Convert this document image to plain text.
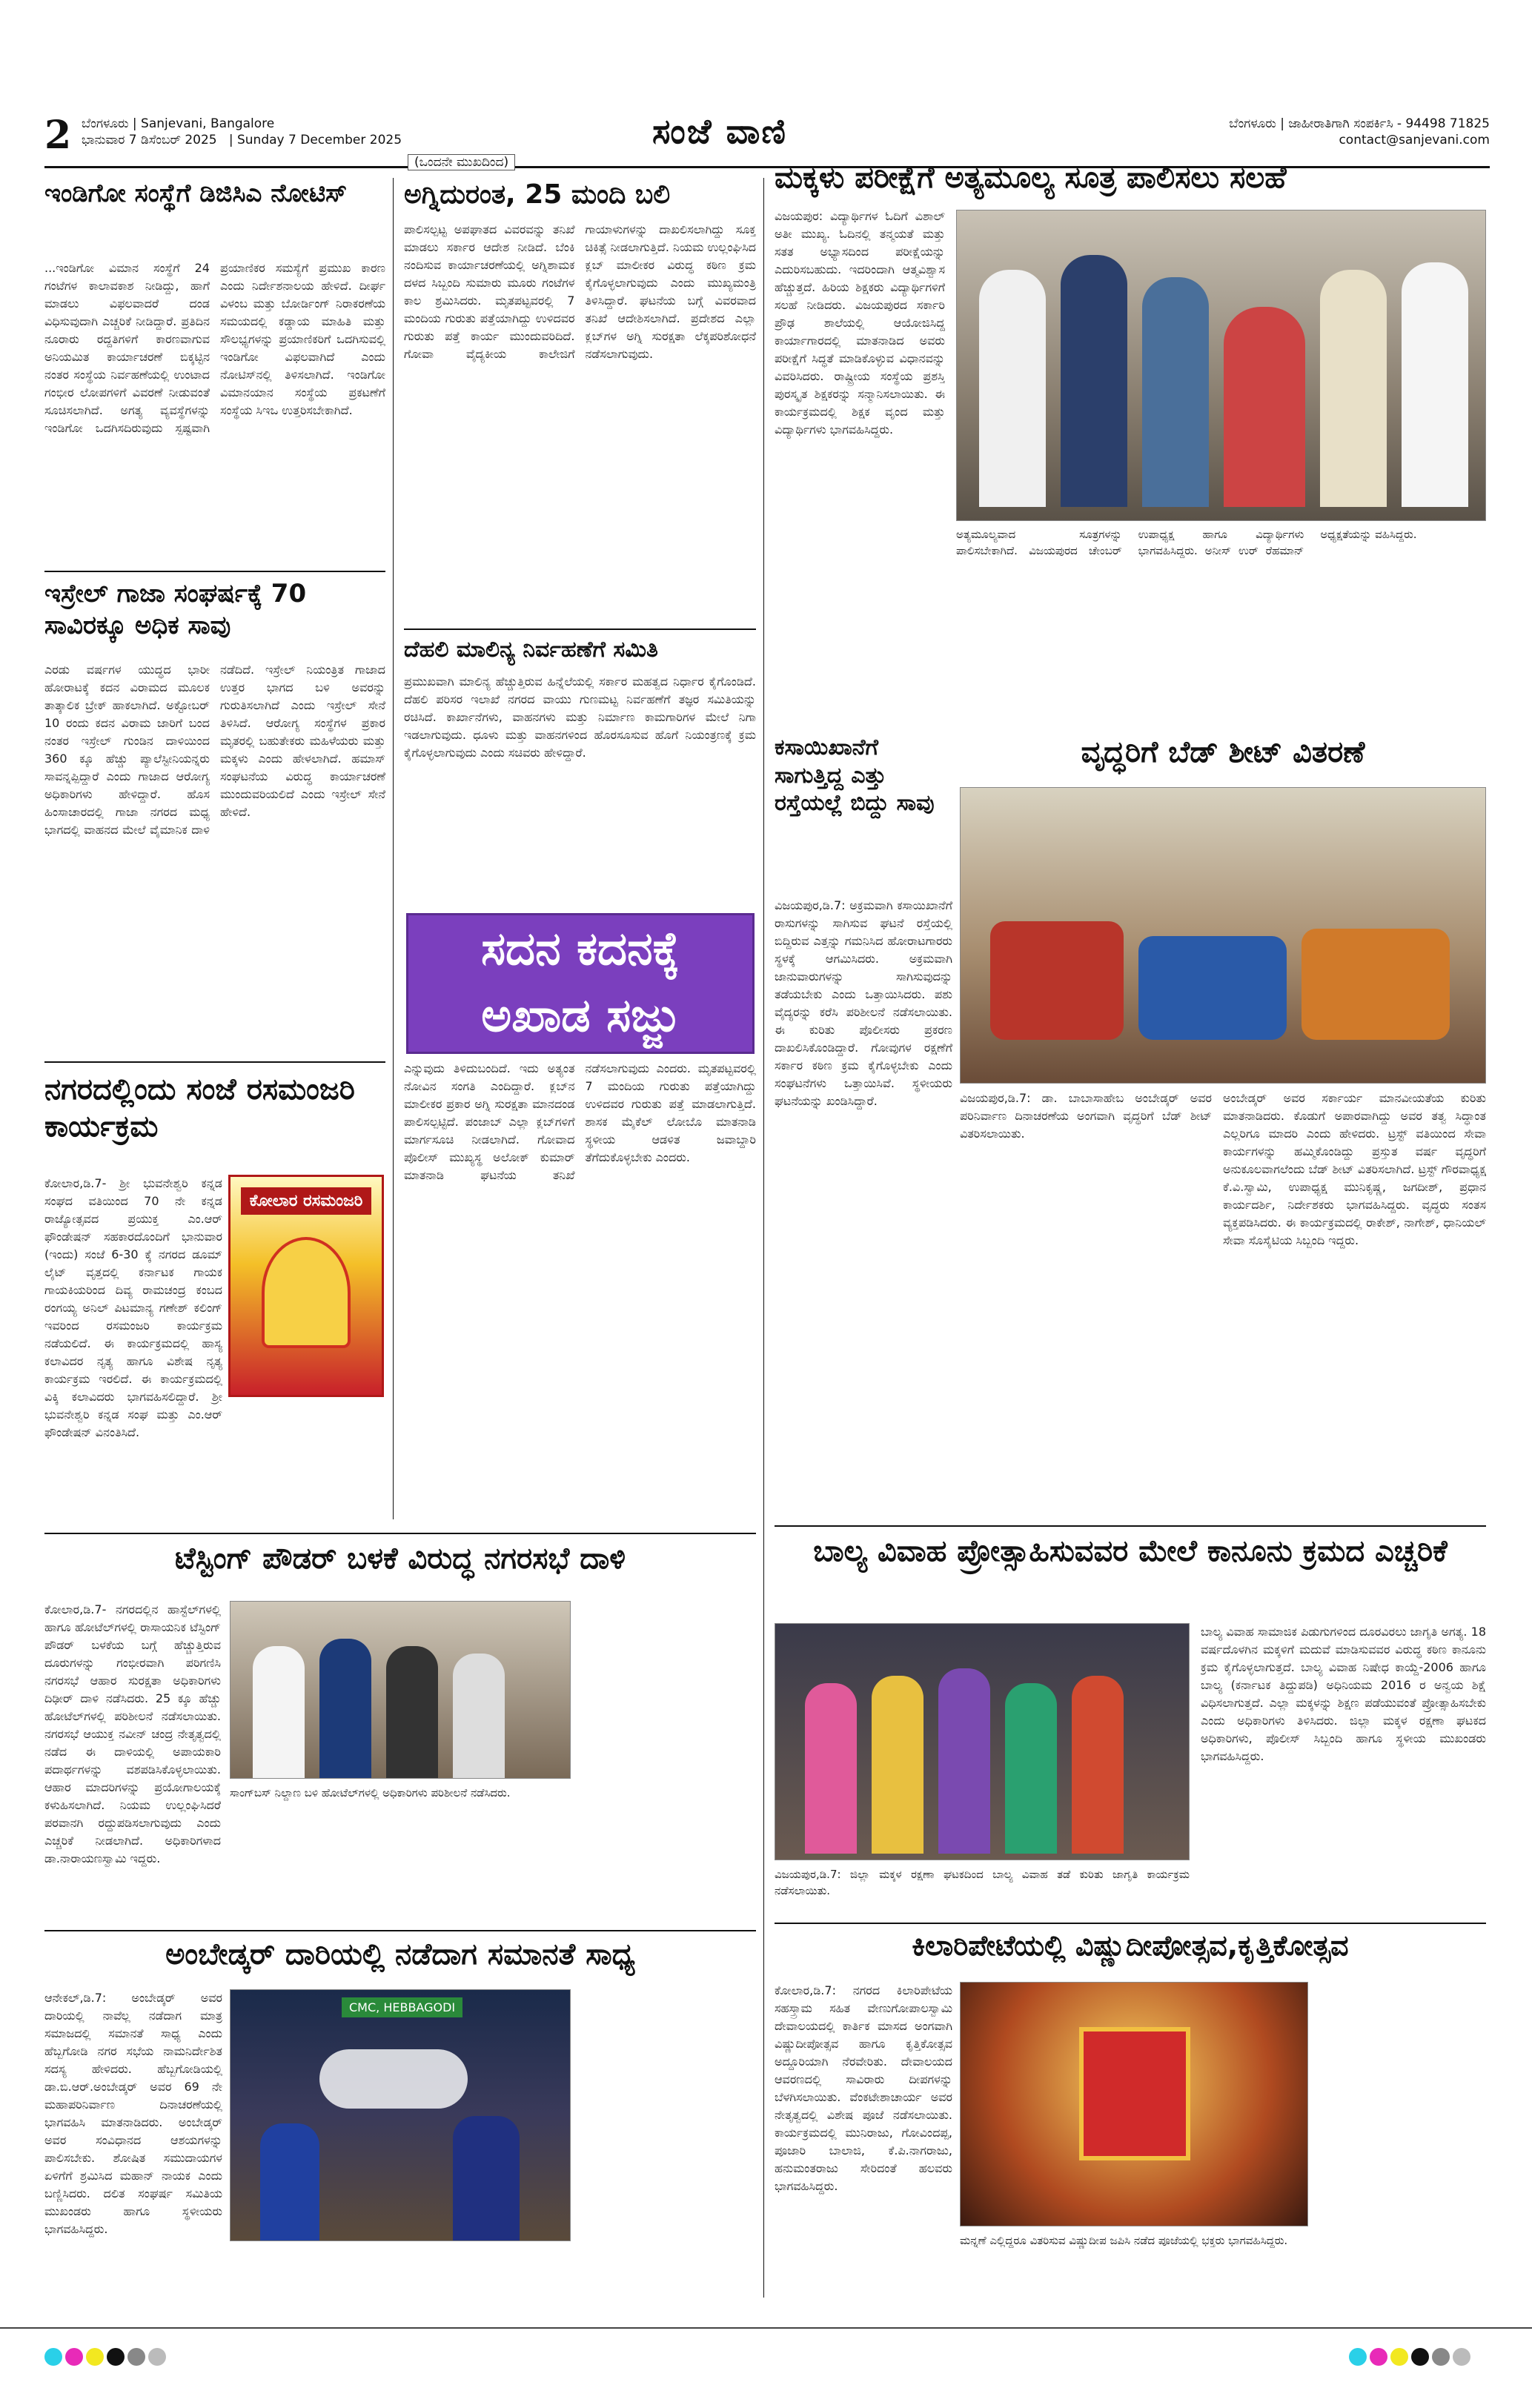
2 ಬೆಂಗಳೂರು | Sanjevani, Bangalore
ಭಾನುವಾರ 7 ಡಿಸೆಂಬರ್ 2025 | Sunday 7 December 2025	ಸಂಜೆ ವಾಣಿ	ಬೆಂಗಳೂರು | ಜಾಹೀರಾತಿಗಾಗಿ ಸಂಪರ್ಕಿಸಿ - 94498 71825
contact@sanjevani.com
(ಒಂದನೇ ಮುಖದಿಂದ)
ಇಂಡಿಗೋ ಸಂಸ್ಥೆಗೆ ಡಿಜಿಸಿಎ ನೋಟಿಸ್
...ಇಂಡಿಗೋ ವಿಮಾನ ಸಂಸ್ಥೆಗೆ 24 ಗಂಟೆಗಳ ಕಾಲಾವಕಾಶ ನೀಡಿದ್ದು, ಹಾಗೆ ಮಾಡಲು ವಿಫಲವಾದರೆ ದಂಡ ವಿಧಿಸುವುದಾಗಿ ಎಚ್ಚರಿಕೆ ನೀಡಿದ್ದಾರೆ. ಪ್ರತಿದಿನ ನೂರಾರು ರದ್ದತಿಗಳಿಗೆ ಕಾರಣವಾಗುವ ಅನಿಯಮಿತ ಕಾರ್ಯಾಚರಣೆ ಬಿಕ್ಕಟ್ಟಿನ ನಂತರ ಸಂಸ್ಥೆಯ ನಿರ್ವಹಣೆಯಲ್ಲಿ ಉಂಟಾದ ಗಂಭೀರ ಲೋಪಗಳಿಗೆ ವಿವರಣೆ ನೀಡುವಂತೆ ಸೂಚಿಸಲಾಗಿದೆ. ಅಗತ್ಯ ವ್ಯವಸ್ಥೆಗಳನ್ನು ಇಂಡಿಗೋ ಒದಗಿಸದಿರುವುದು ಸ್ಪಷ್ಟವಾಗಿ ಪ್ರಯಾಣಿಕರ ಸಮಸ್ಯೆಗೆ ಪ್ರಮುಖ ಕಾರಣ ಎಂದು ನಿರ್ದೇಶನಾಲಯ ಹೇಳಿದೆ. ದೀರ್ಘ ವಿಳಂಬ ಮತ್ತು ಬೋರ್ಡಿಂಗ್ ನಿರಾಕರಣೆಯ ಸಮಯದಲ್ಲಿ ಕಡ್ಡಾಯ ಮಾಹಿತಿ ಮತ್ತು ಸೌಲಭ್ಯಗಳನ್ನು ಪ್ರಯಾಣಿಕರಿಗೆ ಒದಗಿಸುವಲ್ಲಿ ಇಂಡಿಗೋ ವಿಫಲವಾಗಿದೆ ಎಂದು ನೋಟಿಸ್‌ನಲ್ಲಿ ತಿಳಿಸಲಾಗಿದೆ. ಇಂಡಿಗೋ ವಿಮಾನಯಾನ ಸಂಸ್ಥೆಯ ಪ್ರಕಟಣೆಗೆ ಸಂಸ್ಥೆಯ ಸಿಇಒ ಉತ್ತರಿಸಬೇಕಾಗಿದೆ.
ಇಸ್ರೇಲ್ ಗಾಜಾ ಸಂಘರ್ಷಕ್ಕೆ 70 ಸಾವಿರಕ್ಕೂ ಅಧಿಕ ಸಾವು
ಎರಡು ವರ್ಷಗಳ ಯುದ್ಧದ ಭಾರೀ ಹೋರಾಟಕ್ಕೆ ಕದನ ವಿರಾಮದ ಮೂಲಕ ತಾತ್ಕಾಲಿಕ ಬ್ರೇಕ್ ಹಾಕಲಾಗಿದೆ. ಅಕ್ಟೋಬರ್ 10 ರಂದು ಕದನ ವಿರಾಮ ಜಾರಿಗೆ ಬಂದ ನಂತರ ಇಸ್ರೇಲ್ ಗುಂಡಿನ ದಾಳಿಯಿಂದ 360 ಕ್ಕೂ ಹೆಚ್ಚು ಪ್ಯಾಲೆಸ್ಟೀನಿಯನ್ನರು ಸಾವನ್ನಪ್ಪಿದ್ದಾರೆ ಎಂದು ಗಾಜಾದ ಆರೋಗ್ಯ ಅಧಿಕಾರಿಗಳು ಹೇಳಿದ್ದಾರೆ. ಹೊಸ ಹಿಂಸಾಚಾರದಲ್ಲಿ ಗಾಜಾ ನಗರದ ಮಧ್ಯ ಭಾಗದಲ್ಲಿ ವಾಹನದ ಮೇಲೆ ವೈಮಾನಿಕ ದಾಳಿ ನಡೆದಿದೆ. ಇಸ್ರೇಲ್ ನಿಯಂತ್ರಿತ ಗಾಜಾದ ಉತ್ತರ ಭಾಗದ ಬಳಿ ಅವರನ್ನು ಗುರುತಿಸಲಾಗಿದೆ ಎಂದು ಇಸ್ರೇಲ್ ಸೇನೆ ತಿಳಿಸಿದೆ. ಆರೋಗ್ಯ ಸಂಸ್ಥೆಗಳ ಪ್ರಕಾರ ಮೃತರಲ್ಲಿ ಬಹುತೇಕರು ಮಹಿಳೆಯರು ಮತ್ತು ಮಕ್ಕಳು ಎಂದು ಹೇಳಲಾಗಿದೆ. ಹಮಾಸ್ ಸಂಘಟನೆಯ ವಿರುದ್ಧ ಕಾರ್ಯಾಚರಣೆ ಮುಂದುವರಿಯಲಿದೆ ಎಂದು ಇಸ್ರೇಲ್ ಸೇನೆ ಹೇಳಿದೆ.
ನಗರದಲ್ಲಿಂದು ಸಂಜೆ ರಸಮಂಜರಿ ಕಾರ್ಯಕ್ರಮ
ಕೋಲಾರ,ಡಿ.7- ಶ್ರೀ ಭುವನೇಶ್ವರಿ ಕನ್ನಡ ಸಂಘದ ವತಿಯಿಂದ 70 ನೇ ಕನ್ನಡ ರಾಜ್ಯೋತ್ಸವದ ಪ್ರಯುಕ್ತ ಎಂ.ಆರ್ ಫೌಂಡೇಷನ್ ಸಹಕಾರದೊಂದಿಗೆ ಭಾನುವಾರ (ಇಂದು) ಸಂಜೆ 6-30 ಕ್ಕೆ ನಗರದ ಡೂಮ್ ಲೈಟ್ ವೃತ್ತದಲ್ಲಿ ಕರ್ನಾಟಕ ಗಾಯಕ ಗಾಯಕಿಯರಿಂದ ದಿವ್ಯ ರಾಮಚಂದ್ರ ಕಂಬದ ರಂಗಯ್ಯ ಅನಿಲ್ ಪಿಟಮಾನ್ಯ ಗಣೇಶ್ ಕಲಿಂಗ್ ಇವರಿಂದ ರಸಮಂಜರಿ ಕಾರ್ಯಕ್ರಮ ನಡೆಯಲಿದೆ. ಈ ಕಾರ್ಯಕ್ರಮದಲ್ಲಿ ಹಾಸ್ಯ ಕಲಾವಿದರ ನೃತ್ಯ ಹಾಗೂ ವಿಶೇಷ ನೃತ್ಯ ಕಾರ್ಯಕ್ರಮ ಇರಲಿದೆ. ಈ ಕಾರ್ಯಕ್ರಮದಲ್ಲಿ ವಿಕ್ಕಿ ಕಲಾವಿದರು ಭಾಗವಹಿಸಲಿದ್ದಾರೆ. ಶ್ರೀ ಭುವನೇಶ್ವರಿ ಕನ್ನಡ ಸಂಘ ಮತ್ತು ಎಂ.ಆರ್ ಫೌಂಡೇಷನ್ ವಿನಂತಿಸಿದೆ.
ಕೋಲಾರ ರಸಮಂಜರಿ
ಅಗ್ನಿದುರಂತ, 25 ಮಂದಿ ಬಲಿ
ಪಾಲಿಸಲ್ಪಟ್ಟ ಅಪಘಾತದ ವಿವರವನ್ನು ತನಿಖೆ ಮಾಡಲು ಸರ್ಕಾರ ಆದೇಶ ನೀಡಿದೆ. ಬೆಂಕಿ ನಂದಿಸುವ ಕಾರ್ಯಾಚರಣೆಯಲ್ಲಿ ಅಗ್ನಿಶಾಮಕ ದಳದ ಸಿಬ್ಬಂದಿ ಸುಮಾರು ಮೂರು ಗಂಟೆಗಳ ಕಾಲ ಶ್ರಮಿಸಿದರು. ಮೃತಪಟ್ಟವರಲ್ಲಿ 7 ಮಂದಿಯ ಗುರುತು ಪತ್ತೆಯಾಗಿದ್ದು ಉಳಿದವರ ಗುರುತು ಪತ್ತೆ ಕಾರ್ಯ ಮುಂದುವರಿದಿದೆ. ಗೋವಾ ವೈದ್ಯಕೀಯ ಕಾಲೇಜಿಗೆ ಗಾಯಾಳುಗಳನ್ನು ದಾಖಲಿಸಲಾಗಿದ್ದು ಸೂಕ್ತ ಚಿಕಿತ್ಸೆ ನೀಡಲಾಗುತ್ತಿದೆ. ನಿಯಮ ಉಲ್ಲಂಘಿಸಿದ ಕ್ಲಬ್ ಮಾಲೀಕರ ವಿರುದ್ಧ ಕಠಿಣ ಕ್ರಮ ಕೈಗೊಳ್ಳಲಾಗುವುದು ಎಂದು ಮುಖ್ಯಮಂತ್ರಿ ತಿಳಿಸಿದ್ದಾರೆ. ಘಟನೆಯ ಬಗ್ಗೆ ವಿವರವಾದ ತನಿಖೆ ಆದೇಶಿಸಲಾಗಿದೆ. ಪ್ರದೇಶದ ಎಲ್ಲಾ ಕ್ಲಬ್‌ಗಳ ಅಗ್ನಿ ಸುರಕ್ಷತಾ ಲೆಕ್ಕಪರಿಶೋಧನೆ ನಡೆಸಲಾಗುವುದು.
ದೆಹಲಿ ಮಾಲಿನ್ಯ ನಿರ್ವಹಣೆಗೆ ಸಮಿತಿ
ಪ್ರಮುಖವಾಗಿ ಮಾಲಿನ್ಯ ಹೆಚ್ಚುತ್ತಿರುವ ಹಿನ್ನೆಲೆಯಲ್ಲಿ ಸರ್ಕಾರ ಮಹತ್ವದ ನಿರ್ಧಾರ ಕೈಗೊಂಡಿದೆ. ದೆಹಲಿ ಪರಿಸರ ಇಲಾಖೆ ನಗರದ ವಾಯು ಗುಣಮಟ್ಟ ನಿರ್ವಹಣೆಗೆ ತಜ್ಞರ ಸಮಿತಿಯನ್ನು ರಚಿಸಿದೆ. ಕಾರ್ಖಾನೆಗಳು, ವಾಹನಗಳು ಮತ್ತು ನಿರ್ಮಾಣ ಕಾಮಗಾರಿಗಳ ಮೇಲೆ ನಿಗಾ ಇಡಲಾಗುವುದು. ಧೂಳು ಮತ್ತು ವಾಹನಗಳಿಂದ ಹೊರಸೂಸುವ ಹೊಗೆ ನಿಯಂತ್ರಣಕ್ಕೆ ಕ್ರಮ ಕೈಗೊಳ್ಳಲಾಗುವುದು ಎಂದು ಸಚಿವರು ಹೇಳಿದ್ದಾರೆ.
ಸದನ ಕದನಕ್ಕೆ
ಅಖಾಡ ಸಜ್ಜು
ಎನ್ನುವುದು ತಿಳಿದುಬಂದಿದೆ. ಇದು ಅತ್ಯಂತ ನೋವಿನ ಸಂಗತಿ ಎಂದಿದ್ದಾರೆ. ಕ್ಲಬ್‌ನ ಮಾಲೀಕರ ಪ್ರಕಾರ ಅಗ್ನಿ ಸುರಕ್ಷತಾ ಮಾನದಂಡ ಪಾಲಿಸಲ್ಪಟ್ಟಿದೆ. ಪಂಜಾಬ್ ಎಲ್ಲಾ ಕ್ಲಬ್‌ಗಳಿಗೆ ಮಾರ್ಗಸೂಚಿ ನೀಡಲಾಗಿದೆ. ಗೋವಾದ ಪೊಲೀಸ್ ಮುಖ್ಯಸ್ಥ ಅಲೋಕ್ ಕುಮಾರ್ ಮಾತನಾಡಿ ಘಟನೆಯ ತನಿಖೆ ನಡೆಸಲಾಗುವುದು ಎಂದರು. ಮೃತಪಟ್ಟವರಲ್ಲಿ 7 ಮಂದಿಯ ಗುರುತು ಪತ್ತೆಯಾಗಿದ್ದು ಉಳಿದವರ ಗುರುತು ಪತ್ತೆ ಮಾಡಲಾಗುತ್ತಿದೆ. ಶಾಸಕ ಮೈಕೆಲ್ ಲೋಬೊ ಮಾತನಾಡಿ ಸ್ಥಳೀಯ ಆಡಳಿತ ಜವಾಬ್ದಾರಿ ತೆಗೆದುಕೊಳ್ಳಬೇಕು ಎಂದರು.
ಮಕ್ಕಳು ಪರೀಕ್ಷೆಗೆ ಅತ್ಯಮೂಲ್ಯ ಸೂತ್ರ ಪಾಲಿಸಲು ಸಲಹೆ
ವಿಜಯಪುರ: ವಿದ್ಯಾರ್ಥಿಗಳ ಓದಿಗೆ ವಿಶಾಲ್ ಅತೀ ಮುಖ್ಯ. ಓದಿನಲ್ಲಿ ತನ್ಮಯತೆ ಮತ್ತು ಸತತ ಅಭ್ಯಾಸದಿಂದ ಪರೀಕ್ಷೆಯನ್ನು ಎದುರಿಸಬಹುದು. ಇದರಿಂದಾಗಿ ಆತ್ಮವಿಶ್ವಾಸ ಹೆಚ್ಚುತ್ತದೆ. ಹಿರಿಯ ಶಿಕ್ಷಕರು ವಿದ್ಯಾರ್ಥಿಗಳಿಗೆ ಸಲಹೆ ನೀಡಿದರು. ವಿಜಯಪುರದ ಸರ್ಕಾರಿ ಪ್ರೌಢ ಶಾಲೆಯಲ್ಲಿ ಆಯೋಜಿಸಿದ್ದ ಕಾರ್ಯಾಗಾರದಲ್ಲಿ ಮಾತನಾಡಿದ ಅವರು ಪರೀಕ್ಷೆಗೆ ಸಿದ್ಧತೆ ಮಾಡಿಕೊಳ್ಳುವ ವಿಧಾನವನ್ನು ವಿವರಿಸಿದರು. ರಾಷ್ಟ್ರೀಯ ಸಂಸ್ಥೆಯ ಪ್ರಶಸ್ತಿ ಪುರಸ್ಕೃತ ಶಿಕ್ಷಕರನ್ನು ಸನ್ಮಾನಿಸಲಾಯಿತು. ಈ ಕಾರ್ಯಕ್ರಮದಲ್ಲಿ ಶಿಕ್ಷಕ ವೃಂದ ಮತ್ತು ವಿದ್ಯಾರ್ಥಿಗಳು ಭಾಗವಹಿಸಿದ್ದರು.
ಅತ್ಯಮೂಲ್ಯವಾದ ಸೂತ್ರಗಳನ್ನು ಪಾಲಿಸಬೇಕಾಗಿದೆ. ವಿಜಯಪುರದ ಚೇಂಬರ್ ಉಪಾಧ್ಯಕ್ಷ ಹಾಗೂ ವಿದ್ಯಾರ್ಥಿಗಳು ಭಾಗವಹಿಸಿದ್ದರು. ಅನೀಸ್ ಉರ್ ರೆಹಮಾನ್ ಅಧ್ಯಕ್ಷತೆಯನ್ನು ವಹಿಸಿದ್ದರು.
ಕಸಾಯಿಖಾನೆಗೆ ಸಾಗುತ್ತಿದ್ದ ಎತ್ತು ರಸ್ತೆಯಲ್ಲೆ ಬಿದ್ದು ಸಾವು
ವಿಜಯಪುರ,ಡಿ.7: ಅಕ್ರಮವಾಗಿ ಕಸಾಯಿಖಾನೆಗೆ ರಾಸುಗಳನ್ನು ಸಾಗಿಸುವ ಘಟನೆ ರಸ್ತೆಯಲ್ಲಿ ಬಿದ್ದಿರುವ ಎತ್ತನ್ನು ಗಮನಿಸಿದ ಹೋರಾಟಗಾರರು ಸ್ಥಳಕ್ಕೆ ಆಗಮಿಸಿದರು. ಅಕ್ರಮವಾಗಿ ಜಾನುವಾರುಗಳನ್ನು ಸಾಗಿಸುವುದನ್ನು ತಡೆಯಬೇಕು ಎಂದು ಒತ್ತಾಯಿಸಿದರು. ಪಶು ವೈದ್ಯರನ್ನು ಕರೆಸಿ ಪರಿಶೀಲನೆ ನಡೆಸಲಾಯಿತು. ಈ ಕುರಿತು ಪೊಲೀಸರು ಪ್ರಕರಣ ದಾಖಲಿಸಿಕೊಂಡಿದ್ದಾರೆ. ಗೋವುಗಳ ರಕ್ಷಣೆಗೆ ಸರ್ಕಾರ ಕಠಿಣ ಕ್ರಮ ಕೈಗೊಳ್ಳಬೇಕು ಎಂದು ಸಂಘಟನೆಗಳು ಒತ್ತಾಯಿಸಿವೆ. ಸ್ಥಳೀಯರು ಘಟನೆಯನ್ನು ಖಂಡಿಸಿದ್ದಾರೆ.
ವೃದ್ಧರಿಗೆ ಬೆಡ್ ಶೀಟ್ ವಿತರಣೆ
ವಿಜಯಪುರ,ಡಿ.7: ಡಾ. ಬಾಬಾಸಾಹೇಬ ಅಂಬೇಡ್ಕರ್ ಅವರ ಪರಿನಿರ್ವಾಣ ದಿನಾಚರಣೆಯ ಅಂಗವಾಗಿ ವೃದ್ಧರಿಗೆ ಬೆಡ್ ಶೀಟ್ ವಿತರಿಸಲಾಯಿತು.
ಅಂಬೇಡ್ಕರ್ ಅವರ ಸರ್ಕಾರ್ಯ ಮಾನವೀಯತೆಯ ಕುರಿತು ಮಾತನಾಡಿದರು. ಕೊಡುಗೆ ಅಪಾರವಾಗಿದ್ದು ಅವರ ತತ್ವ ಸಿದ್ಧಾಂತ ಎಲ್ಲರಿಗೂ ಮಾದರಿ ಎಂದು ಹೇಳಿದರು. ಟ್ರಸ್ಟ್ ವತಿಯಿಂದ ಸೇವಾ ಕಾರ್ಯಗಳನ್ನು ಹಮ್ಮಿಕೊಂಡಿದ್ದು ಪ್ರಸ್ತುತ ವರ್ಷ ವೃದ್ಧರಿಗೆ ಅನುಕೂಲವಾಗಲೆಂದು ಬೆಡ್ ಶೀಟ್ ವಿತರಿಸಲಾಗಿದೆ. ಟ್ರಸ್ಟ್ ಗೌರವಾಧ್ಯಕ್ಷ ಕೆ.ವಿ.ಸ್ವಾಮಿ, ಉಪಾಧ್ಯಕ್ಷ ಮುನಿಕೃಷ್ಣ, ಜಗದೀಶ್, ಪ್ರಧಾನ ಕಾರ್ಯದರ್ಶಿ, ನಿರ್ದೇಶಕರು ಭಾಗವಹಿಸಿದ್ದರು. ವೃದ್ಧರು ಸಂತಸ ವ್ಯಕ್ತಪಡಿಸಿದರು. ಈ ಕಾರ್ಯಕ್ರಮದಲ್ಲಿ ರಾಕೇಶ್, ನಾಗೇಶ್, ಧಾನಿಯಲ್ ಸೇವಾ ಸೊಸೈಟಿಯ ಸಿಬ್ಬಂದಿ ಇದ್ದರು.
ಬಾಲ್ಯ ವಿವಾಹ ಪ್ರೋತ್ಸಾಹಿಸುವವರ ಮೇಲೆ ಕಾನೂನು ಕ್ರಮದ ಎಚ್ಚರಿಕೆ
ವಿಜಯಪುರ,ಡಿ.7: ಜಿಲ್ಲಾ ಮಕ್ಕಳ ರಕ್ಷಣಾ ಘಟಕದಿಂದ ಬಾಲ್ಯ ವಿವಾಹ ತಡೆ ಕುರಿತು ಜಾಗೃತಿ ಕಾರ್ಯಕ್ರಮ ನಡೆಸಲಾಯಿತು.
ಬಾಲ್ಯ ವಿವಾಹ ಸಾಮಾಜಿಕ ಪಿಡುಗುಗಳಿಂದ ದೂರವಿರಲು ಜಾಗೃತಿ ಅಗತ್ಯ. 18 ವರ್ಷದೊಳಗಿನ ಮಕ್ಕಳಿಗೆ ಮದುವೆ ಮಾಡಿಸುವವರ ವಿರುದ್ಧ ಕಠಿಣ ಕಾನೂನು ಕ್ರಮ ಕೈಗೊಳ್ಳಲಾಗುತ್ತದೆ. ಬಾಲ್ಯ ವಿವಾಹ ನಿಷೇಧ ಕಾಯ್ದೆ-2006 ಹಾಗೂ ಬಾಲ್ಯ (ಕರ್ನಾಟಕ ತಿದ್ದುಪಡಿ) ಅಧಿನಿಯಮ 2016 ರ ಅನ್ವಯ ಶಿಕ್ಷೆ ವಿಧಿಸಲಾಗುತ್ತದೆ. ಎಲ್ಲಾ ಮಕ್ಕಳನ್ನು ಶಿಕ್ಷಣ ಪಡೆಯುವಂತೆ ಪ್ರೋತ್ಸಾಹಿಸಬೇಕು ಎಂದು ಅಧಿಕಾರಿಗಳು ತಿಳಿಸಿದರು. ಜಿಲ್ಲಾ ಮಕ್ಕಳ ರಕ್ಷಣಾ ಘಟಕದ ಅಧಿಕಾರಿಗಳು, ಪೊಲೀಸ್ ಸಿಬ್ಬಂದಿ ಹಾಗೂ ಸ್ಥಳೀಯ ಮುಖಂಡರು ಭಾಗವಹಿಸಿದ್ದರು.
ಟೆಸ್ಟಿಂಗ್ ಪೌಡರ್ ಬಳಕೆ ವಿರುದ್ಧ ನಗರಸಭೆ ದಾಳಿ
ಕೋಲಾರ,ಡಿ.7- ನಗರದಲ್ಲಿನ ಹಾಸ್ಟೆಲ್‌ಗಳಲ್ಲಿ ಹಾಗೂ ಹೋಟೆಲ್‌ಗಳಲ್ಲಿ ರಾಸಾಯನಿಕ ಟೆಸ್ಟಿಂಗ್ ಪೌಡರ್ ಬಳಕೆಯ ಬಗ್ಗೆ ಹೆಚ್ಚುತ್ತಿರುವ ದೂರುಗಳನ್ನು ಗಂಭೀರವಾಗಿ ಪರಿಗಣಿಸಿ ನಗರಸಭೆ ಆಹಾರ ಸುರಕ್ಷತಾ ಅಧಿಕಾರಿಗಳು ದಿಢೀರ್ ದಾಳಿ ನಡೆಸಿದರು. 25 ಕ್ಕೂ ಹೆಚ್ಚು ಹೋಟೆಲ್‌ಗಳಲ್ಲಿ ಪರಿಶೀಲನೆ ನಡೆಸಲಾಯಿತು. ನಗರಸಭೆ ಆಯುಕ್ತ ನವೀನ್ ಚಂದ್ರ ನೇತೃತ್ವದಲ್ಲಿ ನಡೆದ ಈ ದಾಳಿಯಲ್ಲಿ ಅಪಾಯಕಾರಿ ಪದಾರ್ಥಗಳನ್ನು ವಶಪಡಿಸಿಕೊಳ್ಳಲಾಯಿತು. ಆಹಾರ ಮಾದರಿಗಳನ್ನು ಪ್ರಯೋಗಾಲಯಕ್ಕೆ ಕಳುಹಿಸಲಾಗಿದೆ. ನಿಯಮ ಉಲ್ಲಂಘಿಸಿದರೆ ಪರವಾನಗಿ ರದ್ದುಪಡಿಸಲಾಗುವುದು ಎಂದು ಎಚ್ಚರಿಕೆ ನೀಡಲಾಗಿದೆ. ಅಧಿಕಾರಿಗಳಾದ ಡಾ.ನಾರಾಯಣಸ್ವಾಮಿ ಇದ್ದರು.
ಸಾಂಗ್‌ಬಸ್ ನಿಲ್ದಾಣ ಬಳಿ ಹೋಟೆಲ್‌ಗಳಲ್ಲಿ ಅಧಿಕಾರಿಗಳು ಪರಿಶೀಲನೆ ನಡೆಸಿದರು.
ಅಂಬೇಡ್ಕರ್ ದಾರಿಯಲ್ಲಿ ನಡೆದಾಗ ಸಮಾನತೆ ಸಾಧ್ಯ
ಆನೇಕಲ್,ಡಿ.7: ಅಂಬೇಡ್ಕರ್ ಅವರ ದಾರಿಯಲ್ಲಿ ನಾವೆಲ್ಲ ನಡೆದಾಗ ಮಾತ್ರ ಸಮಾಜದಲ್ಲಿ ಸಮಾನತೆ ಸಾಧ್ಯ ಎಂದು ಹೆಬ್ಬಗೋಡಿ ನಗರ ಸಭೆಯ ನಾಮನಿರ್ದೇಶಿತ ಸದಸ್ಯ ಹೇಳಿದರು. ಹೆಬ್ಬಗೋಡಿಯಲ್ಲಿ ಡಾ.ಬಿ.ಆರ್.ಅಂಬೇಡ್ಕರ್ ಅವರ 69 ನೇ ಮಹಾಪರಿನಿರ್ವಾಣ ದಿನಾಚರಣೆಯಲ್ಲಿ ಭಾಗವಹಿಸಿ ಮಾತನಾಡಿದರು. ಅಂಬೇಡ್ಕರ್ ಅವರ ಸಂವಿಧಾನದ ಆಶಯಗಳನ್ನು ಪಾಲಿಸಬೇಕು. ಶೋಷಿತ ಸಮುದಾಯಗಳ ಏಳಿಗೆಗೆ ಶ್ರಮಿಸಿದ ಮಹಾನ್ ನಾಯಕ ಎಂದು ಬಣ್ಣಿಸಿದರು. ದಲಿತ ಸಂಘರ್ಷ ಸಮಿತಿಯ ಮುಖಂಡರು ಹಾಗೂ ಸ್ಥಳೀಯರು ಭಾಗವಹಿಸಿದ್ದರು.
CMC, HEBBAGODI
ಕಿಲಾರಿಪೇಟೆಯಲ್ಲಿ ವಿಷ್ಣುದೀಪೋತ್ಸವ,ಕೃತ್ತಿಕೋತ್ಸವ
ಕೋಲಾರ,ಡಿ.7: ನಗರದ ಕಿಲಾರಿಪೇಟೆಯ ಸಹಸ್ತ್ರಾಮ ಸಹಿತ ವೇಣುಗೋಪಾಲಸ್ವಾಮಿ ದೇವಾಲಯದಲ್ಲಿ ಕಾರ್ತಿಕ ಮಾಸದ ಅಂಗವಾಗಿ ವಿಷ್ಣುದೀಪೋತ್ಸವ ಹಾಗೂ ಕೃತ್ತಿಕೋತ್ಸವ ಅದ್ದೂರಿಯಾಗಿ ನೆರವೇರಿತು. ದೇವಾಲಯದ ಆವರಣದಲ್ಲಿ ಸಾವಿರಾರು ದೀಪಗಳನ್ನು ಬೆಳಗಿಸಲಾಯಿತು. ವೆಂಕಟೇಶಾಚಾರ್ಯ ಅವರ ನೇತೃತ್ವದಲ್ಲಿ ವಿಶೇಷ ಪೂಜೆ ನಡೆಸಲಾಯಿತು. ಕಾರ್ಯಕ್ರಮದಲ್ಲಿ ಮುನಿರಾಜು, ಗೋವಿಂದಪ್ಪ, ಪೂಜಾರಿ ಬಾಲಾಜಿ, ಕೆ.ಪಿ.ನಾಗರಾಜು, ಹನುಮಂತರಾಜು ಸೇರಿದಂತೆ ಹಲವರು ಭಾಗವಹಿಸಿದ್ದರು.
ಮನ್ನಣೆ ಎಲ್ಲಿದ್ದರೂ ವಿತರಿಸುವ ವಿಷ್ಣುದೀಪ ಜಪಿಸಿ ನಡೆದ ಪೂಜೆಯಲ್ಲಿ ಭಕ್ತರು ಭಾಗವಹಿಸಿದ್ದರು.
